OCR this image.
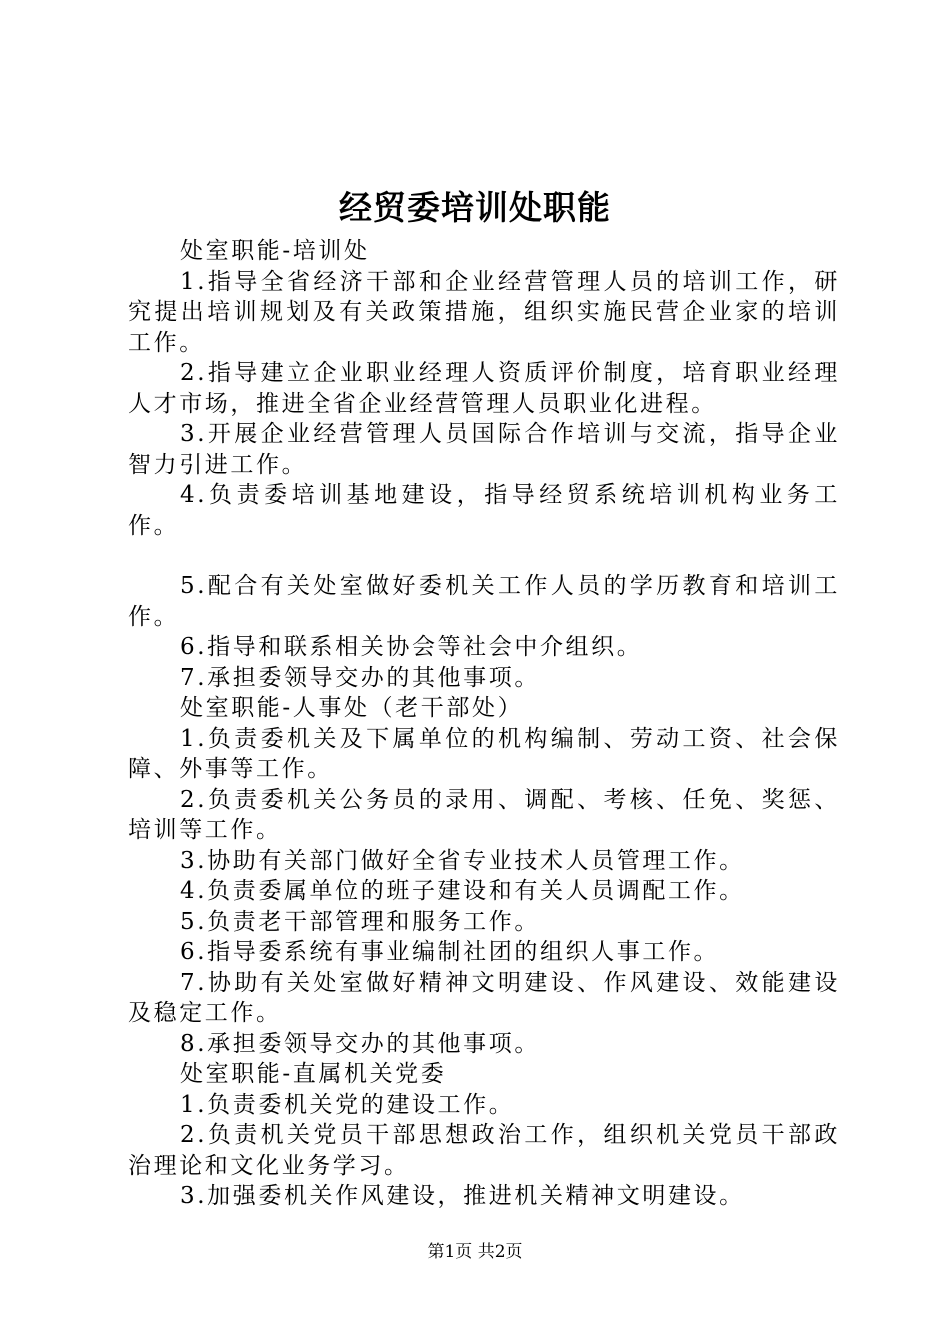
经贸委培训处职能

处室职能-培训处

1.指导全省经济干部和企业经营管理人员的培训工作，研究提出培训规划及有关政策措施，组织实施民营企业家的培训工作。

2.指导建立企业职业经理人资质评价制度，培育职业经理人才市场，推进全省企业经营管理人员职业化进程。

3.开展企业经营管理人员国际合作培训与交流，指导企业智力引进工作。

4.负责委培训基地建设，指导经贸系统培训机构业务工作。

5.配合有关处室做好委机关工作人员的学历教育和培训工作。

6.指导和联系相关协会等社会中介组织。

7.承担委领导交办的其他事项。

处室职能-人事处（老干部处）

1.负责委机关及下属单位的机构编制、劳动工资、社会保障、外事等工作。

2.负责委机关公务员的录用、调配、考核、任免、奖惩、培训等工作。

3.协助有关部门做好全省专业技术人员管理工作。

4.负责委属单位的班子建设和有关人员调配工作。

5.负责老干部管理和服务工作。

6.指导委系统有事业编制社团的组织人事工作。

7.协助有关处室做好精神文明建设、作风建设、效能建设及稳定工作。

8.承担委领导交办的其他事项。

处室职能-直属机关党委

1.负责委机关党的建设工作。

2.负责机关党员干部思想政治工作，组织机关党员干部政治理论和文化业务学习。

3.加强委机关作风建设，推进机关精神文明建设。

第1页 共2页
